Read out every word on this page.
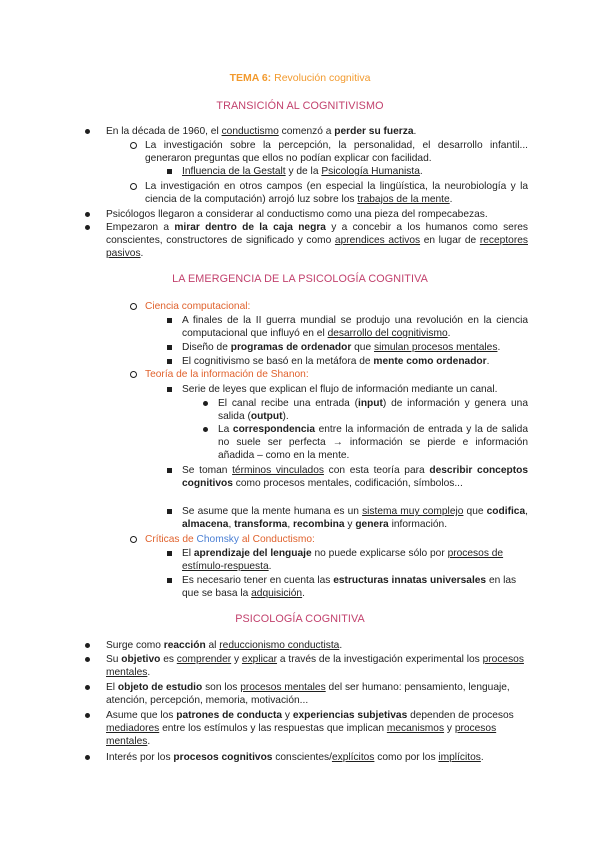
TEMA 6: Revolución cognitiva
TRANSICIÓN AL COGNITIVISMO
En la década de 1960, el conductismo comenzó a perder su fuerza.
La investigación sobre la percepción, la personalidad, el desarrollo infantil... generaron preguntas que ellos no podían explicar con facilidad.
Influencia de la Gestalt y de la Psicología Humanista.
La investigación en otros campos (en especial la lingüística, la neurobiología y la ciencia de la computación) arrojó luz sobre los trabajos de la mente.
Psicólogos llegaron a considerar al conductismo como una pieza del rompecabezas.
Empezaron a mirar dentro de la caja negra y a concebir a los humanos como seres conscientes, constructores de significado y como aprendices activos en lugar de receptores pasivos.
LA EMERGENCIA DE LA PSICOLOGÍA COGNITIVA
Ciencia computacional:
A finales de la II guerra mundial se produjo una revolución en la ciencia computacional que influyó en el desarrollo del cognitivismo.
Diseño de programas de ordenador que simulan procesos mentales.
El cognitivismo se basó en la metáfora de mente como ordenador.
Teoría de la información de Shanon:
Serie de leyes que explican el flujo de información mediante un canal.
El canal recibe una entrada (input) de información y genera una salida (output).
La correspondencia entre la información de entrada y la de salida no suele ser perfecta → información se pierde e información añadida – como en la mente.
Se toman términos vinculados con esta teoría para describir conceptos cognitivos como procesos mentales, codificación, símbolos...
Se asume que la mente humana es un sistema muy complejo que codifica, almacena, transforma, recombina y genera información.
Críticas de Chomsky al Conductismo:
El aprendizaje del lenguaje no puede explicarse sólo por procesos de estímulo-respuesta.
Es necesario tener en cuenta las estructuras innatas universales en las que se basa la adquisición.
PSICOLOGÍA COGNITIVA
Surge como reacción al reduccionismo conductista.
Su objetivo es comprender y explicar a través de la investigación experimental los procesos mentales.
El objeto de estudio son los procesos mentales del ser humano: pensamiento, lenguaje, atención, percepción, memoria, motivación...
Asume que los patrones de conducta y experiencias subjetivas dependen de procesos mediadores entre los estímulos y las respuestas que implican mecanismos y procesos mentales.
Interés por los procesos cognitivos conscientes/explícitos como por los implícitos.
